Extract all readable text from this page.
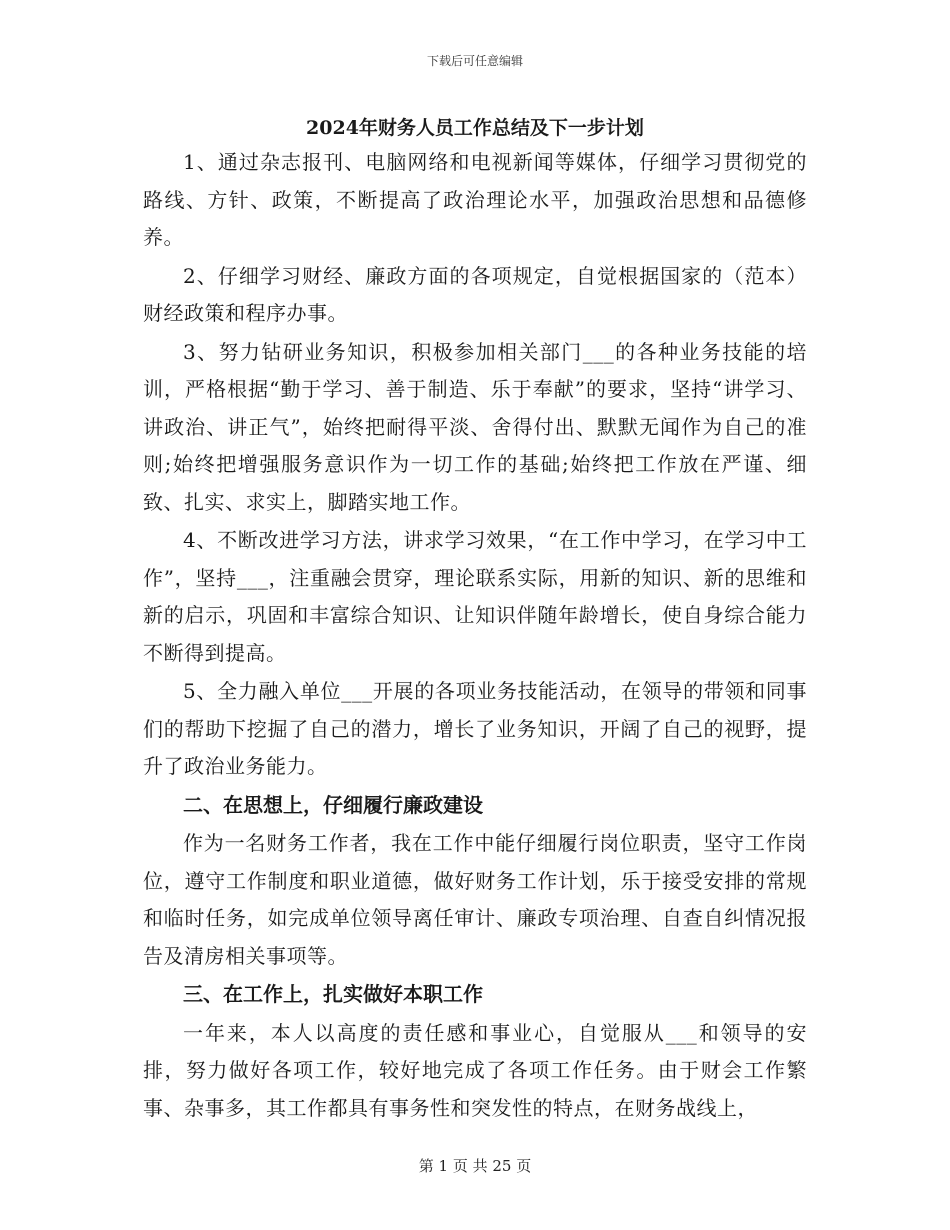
下载后可任意编辑
2024年财务人员工作总结及下一步计划

1、通过杂志报刊、电脑网络和电视新闻等媒体，仔细学习贯彻党的路线、方针、政策，不断提高了政治理论水平，加强政治思想和品德修养。

2、仔细学习财经、廉政方面的各项规定，自觉根据国家的（范本）财经政策和程序办事。

3、努力钻研业务知识，积极参加相关部门___的各种业务技能的培训，严格根据“勤于学习、善于制造、乐于奉献”的要求，坚持“讲学习、讲政治、讲正气”，始终把耐得平淡、舍得付出、默默无闻作为自己的准则;始终把增强服务意识作为一切工作的基础;始终把工作放在严谨、细致、扎实、求实上，脚踏实地工作。

4、不断改进学习方法，讲求学习效果，“在工作中学习，在学习中工作”，坚持___，注重融会贯穿，理论联系实际，用新的知识、新的思维和新的启示，巩固和丰富综合知识、让知识伴随年龄增长，使自身综合能力不断得到提高。

5、全力融入单位___开展的各项业务技能活动，在领导的带领和同事们的帮助下挖掘了自己的潜力，增长了业务知识，开阔了自己的视野，提升了政治业务能力。

二、在思想上，仔细履行廉政建设

作为一名财务工作者，我在工作中能仔细履行岗位职责，坚守工作岗位，遵守工作制度和职业道德，做好财务工作计划，乐于接受安排的常规和临时任务，如完成单位领导离任审计、廉政专项治理、自查自纠情况报告及清房相关事项等。

三、在工作上，扎实做好本职工作

一年来，本人以高度的责任感和事业心，自觉服从___和领导的安排，努力做好各项工作，较好地完成了各项工作任务。由于财会工作繁事、杂事多，其工作都具有事务性和突发性的特点，在财务战线上，

第 1 页 共 25 页
